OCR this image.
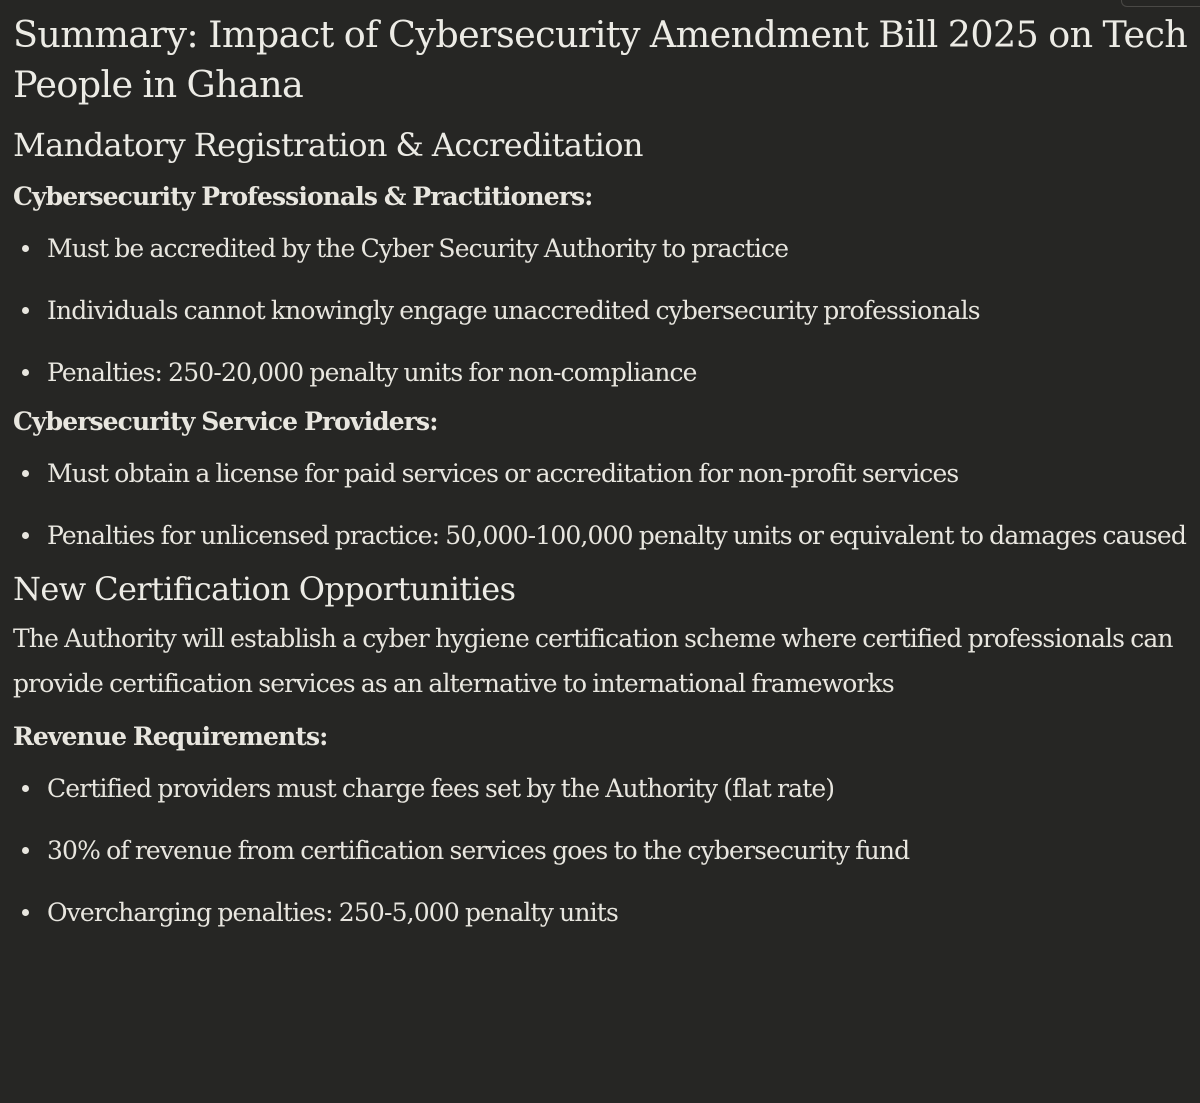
Summary: Impact of Cybersecurity Amendment Bill 2025 on Tech People in Ghana
Mandatory Registration & Accreditation
Cybersecurity Professionals & Practitioners:
Must be accredited by the Cyber Security Authority to practice
Individuals cannot knowingly engage unaccredited cybersecurity professionals
Penalties: 250-20,000 penalty units for non-compliance
Cybersecurity Service Providers:
Must obtain a license for paid services or accreditation for non-profit services
Penalties for unlicensed practice: 50,000-100,000 penalty units or equivalent to damages caused
New Certification Opportunities

The Authority will establish a cyber hygiene certification scheme where certified professionals can provide certification services as an alternative to international frameworks

Revenue Requirements:
Certified providers must charge fees set by the Authority (flat rate)
30% of revenue from certification services goes to the cybersecurity fund
Overcharging penalties: 250-5,000 penalty units
